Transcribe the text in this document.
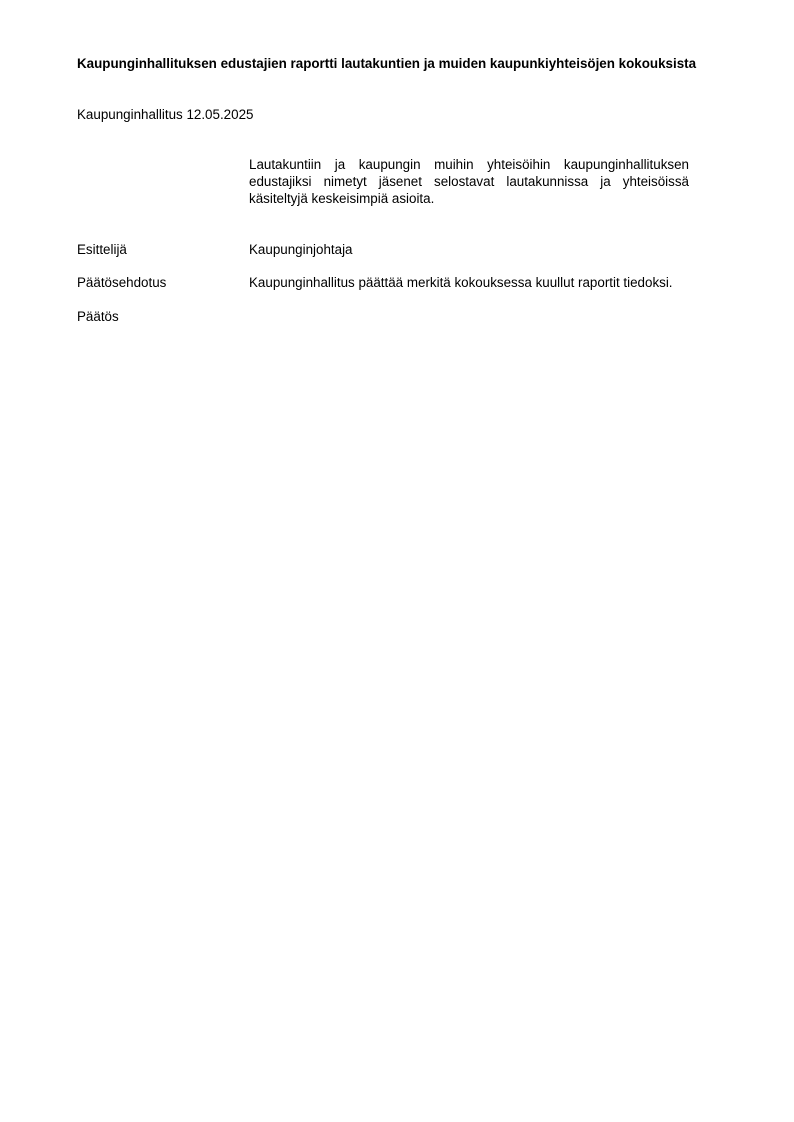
Kaupunginhallituksen edustajien raportti lautakuntien ja muiden kaupunkiyhteisöjen kokouksista
Kaupunginhallitus 12.05.2025
Lautakuntiin ja kaupungin muihin yhteisöihin kaupunginhallituksen edustajiksi nimetyt jäsenet selostavat lautakunnissa ja yhteisöissä käsiteltyjä keskeisimpiä asioita.
Esittelijä	Kaupunginjohtaja
Päätösehdotus	Kaupunginhallitus päättää merkitä kokouksessa kuullut raportit tiedoksi.
Päätös
